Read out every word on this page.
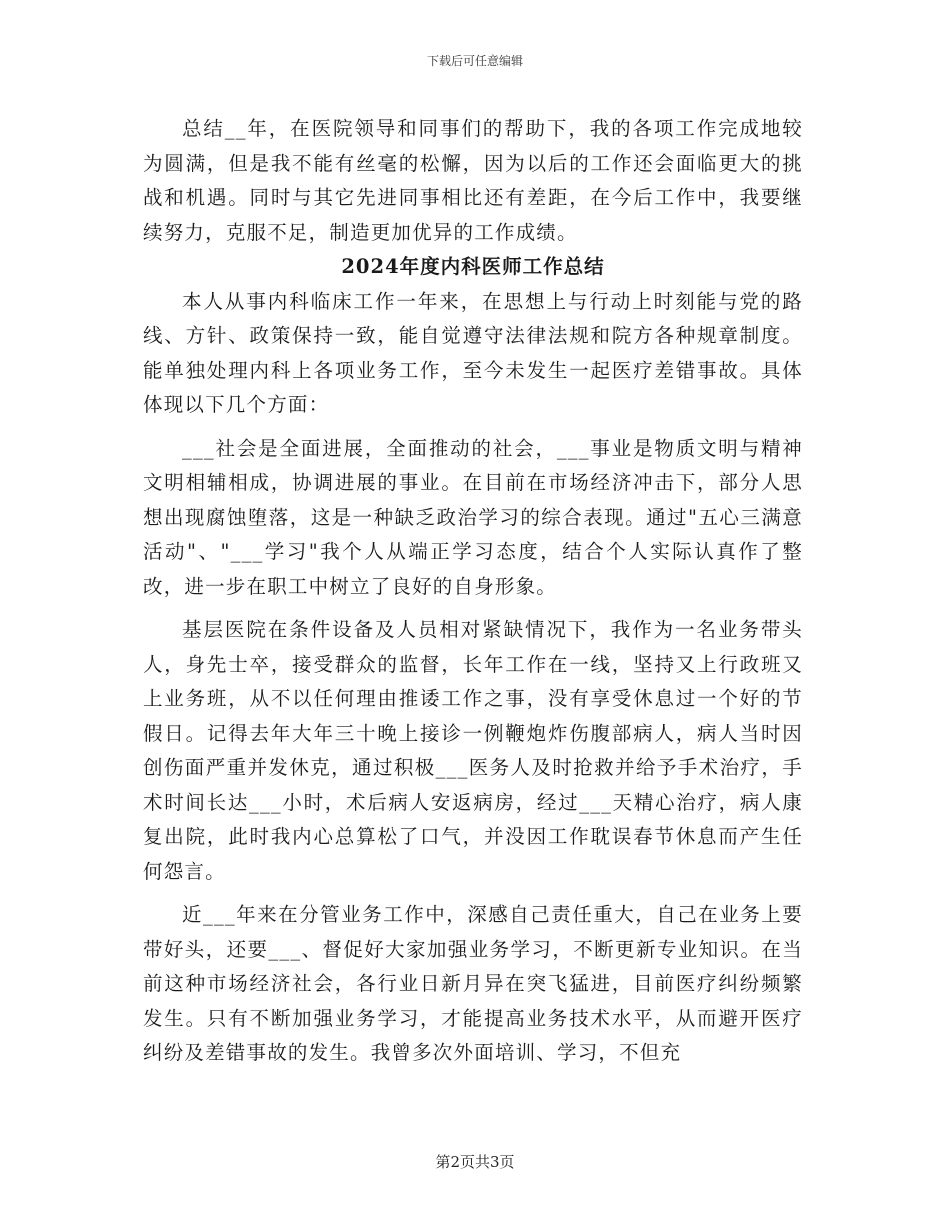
下载后可任意编辑

总结__年，在医院领导和同事们的帮助下，我的各项工作完成地较为圆满，但是我不能有丝毫的松懈，因为以后的工作还会面临更大的挑战和机遇。同时与其它先进同事相比还有差距，在今后工作中，我要继续努力，克服不足，制造更加优异的工作成绩。

2024年度内科医师工作总结

本人从事内科临床工作一年来，在思想上与行动上时刻能与党的路线、方针、政策保持一致，能自觉遵守法律法规和院方各种规章制度。能单独处理内科上各项业务工作，至今未发生一起医疗差错事故。具体体现以下几个方面：

___社会是全面进展，全面推动的社会，___事业是物质文明与精神文明相辅相成，协调进展的事业。在目前在市场经济冲击下，部分人思想出现腐蚀堕落，这是一种缺乏政治学习的综合表现。通过"五心三满意活动"、"___学习"我个人从端正学习态度，结合个人实际认真作了整改，进一步在职工中树立了良好的自身形象。

基层医院在条件设备及人员相对紧缺情况下，我作为一名业务带头人，身先士卒，接受群众的监督，长年工作在一线，坚持又上行政班又上业务班，从不以任何理由推诿工作之事，没有享受休息过一个好的节假日。记得去年大年三十晚上接诊一例鞭炮炸伤腹部病人，病人当时因创伤面严重并发休克，通过积极___医务人及时抢救并给予手术治疗，手术时间长达___小时，术后病人安返病房，经过___天精心治疗，病人康复出院，此时我内心总算松了口气，并没因工作耽误春节休息而产生任何怨言。

近___年来在分管业务工作中，深感自己责任重大，自己在业务上要带好头，还要___、督促好大家加强业务学习，不断更新专业知识。在当前这种市场经济社会，各行业日新月异在突飞猛进，目前医疗纠纷频繁发生。只有不断加强业务学习，才能提高业务技术水平，从而避开医疗纠纷及差错事故的发生。我曾多次外面培训、学习，不但充

第2页共3页
